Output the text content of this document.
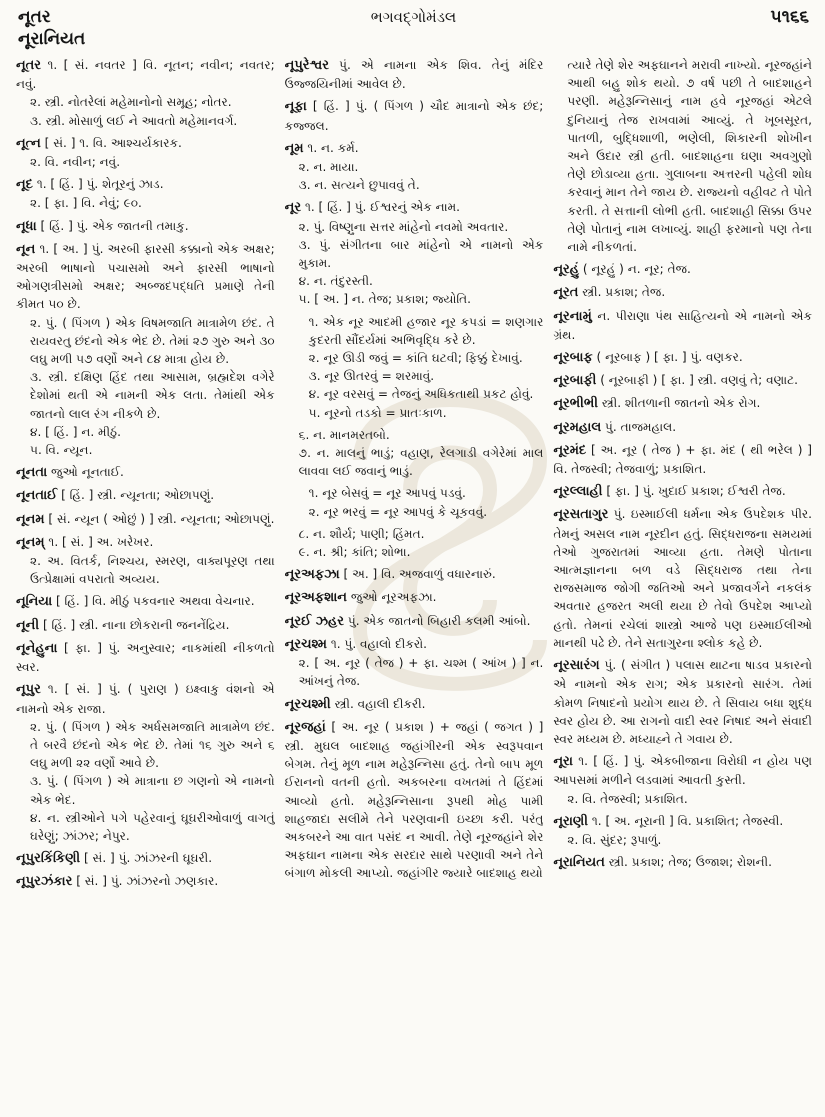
નૂતર	ભગવદ્ગોમંડલ	૫૧૬૬
નૂરાનિયત

નૂતર ૧. [ સં. નવતર ] વિ. નૂતન; નવીન; નવતર; નવું.

૨. સ્ત્રી. નોતરેલાં મહેમાનોનો સમૂહ; નોતર.

૩. સ્ત્રી. મોસાળું લઈ ને આવતો મહેમાનવર્ગ.

નૂત્ન [ સં. ] ૧. વિ. આશ્ચર્યકારક.

૨. વિ. નવીન; નવું.

નૂદ ૧. [ હિં. ] પું. શેતૂરનું ઝાડ.

૨. [ ફા. ] વિ. નેવું; ૯૦.

નૂધા [ હિં. ] પું. એક જાતની તમાકુ.

નૂન ૧. [ અ. ] પું. અરબી ફારસી કક્કાનો એક અક્ષર; અરબી ભાષાનો પચાસમો અને ફારસી ભાષાનો ઓગણત્રીસમો અક્ષર; અબ્જદપદ્ધતિ પ્રમાણે તેની કીમત ૫૦ છે.

૨. પું. ( પિંગળ ) એક વિષમજાતિ માત્રામેળ છંદ. તે રાયવરતુ છંદનો એક ભેદ છે. તેમાં ૨૭ ગુરુ અને ૩૦ લઘુ મળી ૫૭ વર્ણો અને ૮૪ માત્રા હોય છે.

૩. સ્ત્રી. દક્ષિણ હિંદ તથા આસામ, બ્રહ્મદેશ વગેરે દેશોમાં થતી એ નામની એક લતા. તેમાંથી એક જાતનો લાલ રંગ નીકળે છે.

૪. [ હિં. ] ન. મીઠું.

૫. વિ. ન્યૂન.

નૂનતા જુઓ નૂનતાઈ.

નૂનતાઈ [ હિં. ] સ્ત્રી. ન્યૂનતા; ઓછાપણું.

નૂનમ [ સં. ન્યૂન ( ઓછું ) ] સ્ત્રી. ન્યૂનતા; ઓછાપણું.

નૂનમ્ ૧. [ સં. ] અ. ખરેખર.

૨. અ. વિતર્ક, નિશ્ચય, સ્મરણ, વાક્યપૂરણ તથા ઉત્પ્રેક્ષામાં વપરાતો અવ્યય.

નૂનિયા [ હિં. ] વિ. મીઠું પકવનાર અથવા વેચનાર.

નૂની [ હિં. ] સ્ત્રી. નાના છોકરાની જનનેંદ્રિય.

નૂનેહુના [ ફા. ] પું. અનુસ્વાર; નાકમાંથી નીકળતો સ્વર.

નૂપુર ૧. [ સં. ] પું. ( પુરાણ ) ઇક્ષ્વાકુ વંશનો એ નામનો એક રાજા.

૨. પું. ( પિંગળ ) એક અર્ધસમજાતિ માત્રામેળ છંદ. તે બરવૈ છંદનો એક ભેદ છે. તેમાં ૧૬ ગુરુ અને ૬ લઘુ મળી ૨૨ વર્ણો આવે છે.

૩. પું. ( પિંગળ ) એ માત્રાના છ ગણનો એ નામનો એક ભેદ.

૪. ન. સ્ત્રીઓને પગે પહેરવાનું ઘૂઘરીઓવાળું વાગતું ઘરેણું; ઝાંઝર; નેપુર.

નૂપુરકિંકિણી [ સં. ] પું. ઝાંઝરની ઘૂઘરી.

નૂપુરઝંકાર [ સં. ] પું. ઝાંઝરનો ઝણકાર.

નૂપુરેશ્વર પું. એ નામના એક શિવ. તેનું મંદિર ઉજ્જયિનીમાં આવેલ છે.

નૂફા [ હિં. ] પું. ( પિંગળ ) ચૌદ માત્રાનો એક છંદ; કજ્જલ.

નૂમ ૧. ન. કર્મ.

૨. ન. માયા.

૩. ન. સત્યને છુપાવવું તે.

નૂર ૧. [ હિં. ] પું. ઈશ્વરનું એક નામ.

૨. પું. વિષ્ણુના સત્તર માંહેનો નવમો અવતાર.

૩. પું. સંગીતના બાર માંહેનો એ નામનો એક મુકામ.

૪. ન. તંદુરસ્તી.

૫. [ અ. ] ન. તેજ; પ્રકાશ; જ્યોતિ.

૧. એક નૂર આદમી હજાર નૂર કપડાં = શણગાર કુદરતી સૌંદર્યમાં અભિવૃદ્ધિ કરે છે.

૨. નૂર ઊડી જવું = કાંતિ ઘટવી; ફિક્કું દેખાવું.

૩. નૂર ઊતરવું = શરમાવું.

૪. નૂર વરસવું = તેજનું અધિકતાથી પ્રકટ હોવું.

૫. નૂરનો તડકો = પ્રાતઃકાળ.

૬. ન. માનમરતબો.

૭. ન. માલનું ભાડું; વહાણ, રેલગાડી વગેરેમાં માલ લાવવા લઈ જવાનું ભાડું.

૧. નૂર બેસવું = નૂર આપવું પડવું.

૨. નૂર ભરવું = નૂર આપવું કે ચૂકવવું.

૮. ન. શૌર્ય; પાણી; હિંમત.

૯. ન. શ્રી; કાંતિ; શોભા.

નૂરઅફઝા [ અ. ] વિ. અજવાળું વધારનારું.

નૂરઅફશાન જુઓ નૂરઅફઝા.

નૂરઈ ઝહર પું. એક જાતનો બિહારી કલમી આંબો.

નૂરચશ્મ ૧. પું. વહાલો દીકરો.

૨. [ અ. નૂર ( તેજ ) + ફા. ચશ્મ ( આંખ ) ] ન. આંખનું તેજ.

નૂરચશ્મી સ્ત્રી. વહાલી દીકરી.

નૂરજહાં [ અ. નૂર ( પ્રકાશ ) + જહાં ( જગત ) ] સ્ત્રી. મુઘલ બાદશાહ જહાંગીરની એક સ્વરૂપવાન બેગમ. તેનું મૂળ નામ મહેરૂન્નિસા હતું. તેનો બાપ મૂળ ઈરાનનો વતની હતો. અકબરના વખતમાં તે હિંદમાં આવ્યો હતો. મહેરૂન્નિસાના રૂપથી મોહ પામી શાહજાદા સલીમે તેને પરણવાની ઇચ્છા કરી. પરંતુ અકબરને આ વાત પસંદ ન આવી. તેણે નૂરજહાંને શેર અફઘાન નામના એક સરદાર સાથે પરણાવી અને તેને બંગાળ મોકલી આપ્યો. જહાંગીર જ્યારે બાદશાહ થયો

ત્યારે તેણે શેર અફઘાનને મરાવી નાખ્યો. નૂરજહાંને આથી બહુ શોક થયો. ૭ વર્ષ પછી તે બાદશાહને પરણી. મહેરૂન્નિસાનું નામ હવે નૂરજહાં એટલે દુનિયાનું તેજ રાખવામાં આવ્યું. તે ખૂબસૂરત, પાતળી, બુદ્ધિશાળી, ભણેલી, શિકારની શોખીન અને ઉદાર સ્ત્રી હતી. બાદશાહના ઘણા અવગુણો તેણે છોડાવ્યા હતા. ગુલાબના અત્તરની પહેલી શોધ કરવાનું માન તેને જાય છે. રાજ્યનો વહીવટ તે પોતે કરતી. તે સત્તાની લોભી હતી. બાદશાહી સિક્કા ઉપર તેણે પોતાનું નામ લખાવ્યું. શાહી ફરમાનો પણ તેના નામે નીકળતાં.

નૂરહું ( નૂરહું ) ન. નૂર; તેજ.

નૂરત સ્ત્રી. પ્રકાશ; તેજ.

નૂરનામું ન. પીરાણા પંથ સાહિત્યનો એ નામનો એક ગ્રંથ.

નૂરબાફ ( નૂરબાફ ) [ ફા. ] પું. વણકર.

નૂરબાફી ( નૂરબાફી ) [ ફા. ] સ્ત્રી. વણવું તે; વણાટ.

નૂરભીભી સ્ત્રી. શીતળાની જાતનો એક રોગ.

નૂરમહાલ પું. તાજમહાલ.

નૂરમંદ [ અ. નૂર ( તેજ ) + ફા. મંદ ( થી ભરેલ ) ] વિ. તેજસ્વી; તેજવાળું; પ્રકાશિત.

નૂરલ્લાહી [ ફા. ] પું. ખુદાઈ પ્રકાશ; ઈશ્વરી તેજ.

નૂરસતાગુર પું. ઇસ્માઈલી ધર્મના એક ઉપદેશક પીર. તેમનું અસલ નામ નૂરદીન હતું. સિદ્ધરાજના સમયમાં તેઓ ગુજરાતમાં આવ્યા હતા. તેમણે પોતાના આત્મજ્ઞાનના બળ વડે સિદ્ધરાજ તથા તેના રાજસમાજ જોગી જતિઓ અને પ્રજાવર્ગને નકલંક અવતાર હજરત અલી થયા છે તેવો ઉપદેશ આપ્યો હતો. તેમનાં રચેલાં શાસ્ત્રો આજે પણ ઇસ્માઈલીઓ માનથી પઢે છે. તેને સતાગુરના શ્લોક કહે છે.

નૂરસારંગ પું. ( સંગીત ) પલાસ થાટના ષાડવ પ્રકારનો એ નામનો એક રાગ; એક પ્રકારનો સારંગ. તેમાં કોમળ નિષાદનો પ્રયોગ થાય છે. તે સિવાય બધા શુદ્ધ સ્વર હોય છે. આ રાગનો વાદી સ્વર નિષાદ અને સંવાદી સ્વર મધ્યમ છે. મધ્યાહ્ને તે ગવાય છે.

નૂરા ૧. [ હિં. ] પું. એકબીજાના વિરોધી ન હોય પણ આપસમાં મળીને લડવામાં આવતી કુસ્તી.

૨. વિ. તેજસ્વી; પ્રકાશિત.

નૂરાણી ૧. [ અ. નૂરાની ] વિ. પ્રકાશિત; તેજસ્વી.

૨. વિ. સુંદર; રૂપાળું.

નૂરાનિયત સ્ત્રી. પ્રકાશ; તેજ; ઉજાશ; રોશની.
